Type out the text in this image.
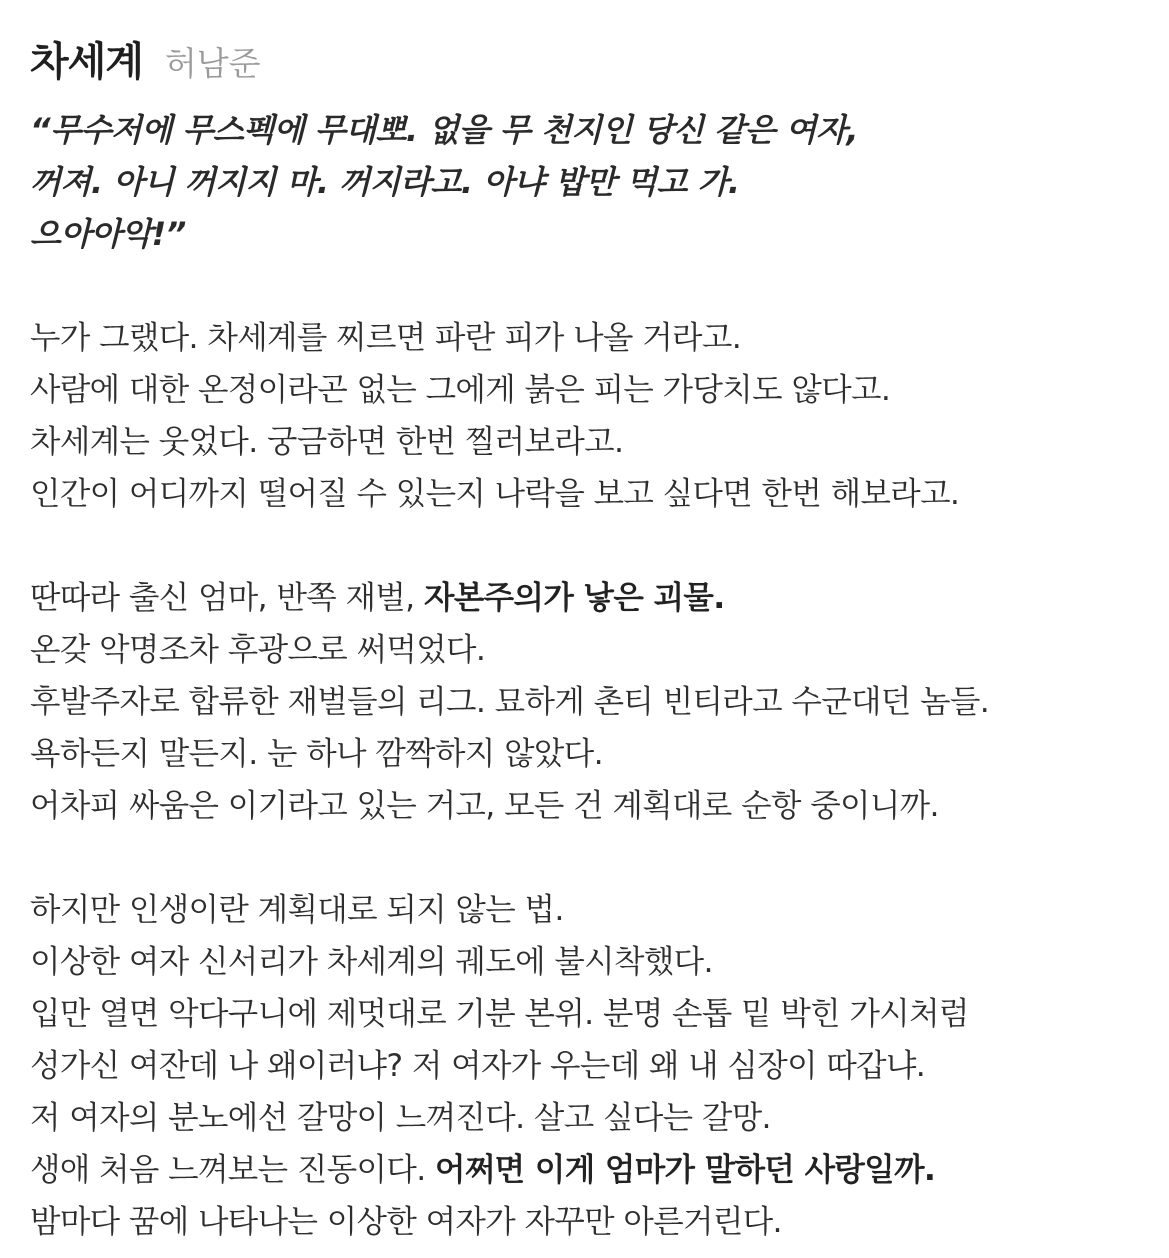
차세계 허남준
“무수저에 무스펙에 무대뽀. 없을 무 천지인 당신 같은 여자,
꺼져. 아니 꺼지지 마. 꺼지라고. 아냐 밥만 먹고 가.
으아아악!”
누가 그랬다. 차세계를 찌르면 파란 피가 나올 거라고.
사람에 대한 온정이라곤 없는 그에게 붉은 피는 가당치도 않다고.
차세계는 웃었다. 궁금하면 한번 찔러보라고.
인간이 어디까지 떨어질 수 있는지 나락을 보고 싶다면 한번 해보라고.
딴따라 출신 엄마, 반쪽 재벌, 자본주의가 낳은 괴물.
온갖 악명조차 후광으로 써먹었다.
후발주자로 합류한 재벌들의 리그. 묘하게 촌티 빈티라고 수군대던 놈들.
욕하든지 말든지. 눈 하나 깜짝하지 않았다.
어차피 싸움은 이기라고 있는 거고, 모든 건 계획대로 순항 중이니까.
하지만 인생이란 계획대로 되지 않는 법.
이상한 여자 신서리가 차세계의 궤도에 불시착했다.
입만 열면 악다구니에 제멋대로 기분 본위. 분명 손톱 밑 박힌 가시처럼
성가신 여잔데 나 왜이러냐? 저 여자가 우는데 왜 내 심장이 따갑냐.
저 여자의 분노에선 갈망이 느껴진다. 살고 싶다는 갈망.
생애 처음 느껴보는 진동이다. 어쩌면 이게 엄마가 말하던 사랑일까.
밤마다 꿈에 나타나는 이상한 여자가 자꾸만 아른거린다.
